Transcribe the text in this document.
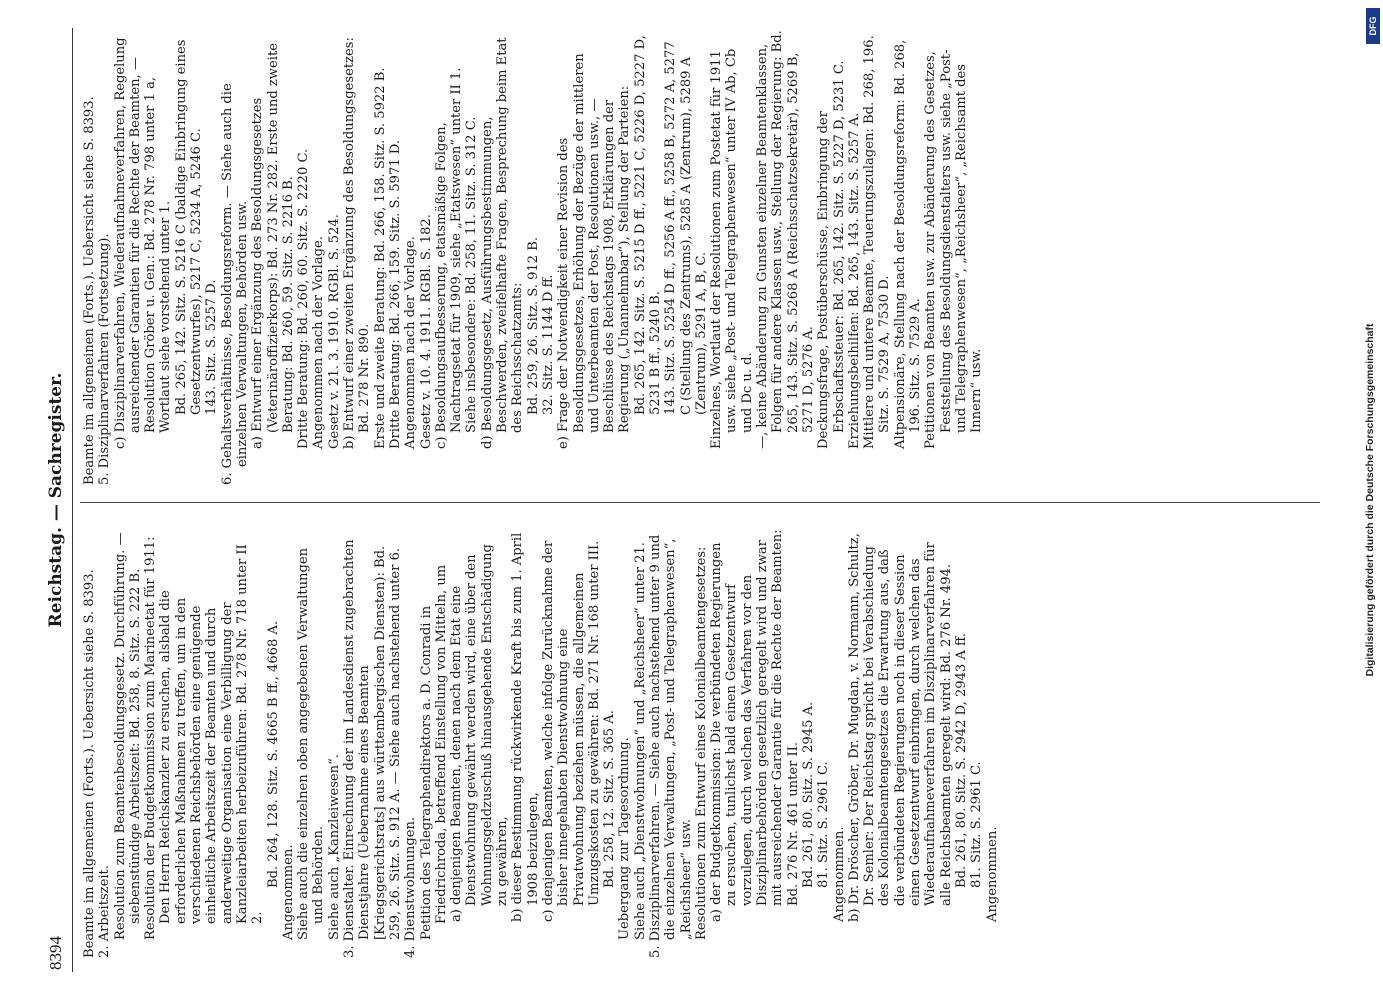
8394
Reichstag. — Sachregister.

Beamte im allgemeinen (Forts.). Uebersicht siehe S. 8393. 2. Arbeitszeit. Resolution zum Beamtenbesoldungsgesetz. Durchführung. — siebenstündige Arbeitszeit: Bd. 258, 8. Sitz. S. 222 B. Resolution der Budgetkommission zum Marineetat für 1911: Den Herrn Reichskanzler zu ersuchen, alsbald die erforderlichen Maßnahmen zu treffen, um in den verschiedenen Reichsbehörden eine genügende einheitliche Arbeitszeit der Beamten und durch anderweitige Organisation eine Verbilligung der Kanzleiarbeiten herbeizuführen: Bd. 278 Nr. 718 unter II 2.

Bd. 264, 128. Sitz. S. 4665 B ff., 4668 A.

Angenommen. Siehe auch die einzelnen oben angegebenen Verwaltungen und Behörden. Siehe auch „Kanzleiwesen“. 3. Dienstalter. Einrechnung der im Landesdienst zugebrachten Dienstjahre (Uebernahme eines Beamten [Kriegsgerichtsrats] aus württembergischen Diensten): Bd. 259, 26. Sitz. S. 912 A. — Siehe auch nachstehend unter 6. 4. Dienstwohnungen. Petition des Telegraphendirektors a. D. Conradi in Friedrichroda, betreffend Einstellung von Mitteln, um a) denjenigen Beamten, denen nach dem Etat eine Dienstwohnung gewährt werden wird, eine über den Wohnungsgeldzuschuß hinausgehende Entschädigung zu gewähren, b) dieser Bestimmung rückwirkende Kraft bis zum 1. April 1908 beizulegen, c) denjenigen Beamten, welche infolge Zurücknahme der bisher innegehabten Dienstwohnung eine Privatwohnung beziehen müssen, die allgemeinen Umzugskosten zu gewähren: Bd. 271 Nr. 168 unter III. Bd. 258, 12. Sitz. S. 365 A. Uebergang zur Tagesordnung. Siehe auch „Dienstwohnungen“ und „Reichsheer“ unter 21. 5. Disziplinarverfahren. — Siehe auch nachstehend unter 9 und die einzelnen Verwaltungen, „Post- und Telegraphenwesen“, „Reichsheer“ usw. Resolutionen zum Entwurf eines Kolonialbeamtengesetzes: a) der Budgetkommission: Die verbündeten Regierungen zu ersuchen, tunlichst bald einen Gesetzentwurf vorzulegen, durch welchen das Verfahren vor den Disziplinarbehörden gesetzlich geregelt wird und zwar mit ausreichender Garantie für die Rechte der Beamten: Bd. 276 Nr. 461 unter II. Bd. 261, 80. Sitz. S. 2945 A. 81. Sitz. S. 2961 C. Angenommen. b) Dr. Dröscher, Gröber, Dr. Mugdan, v. Normann, Schultz, Dr. Semler: Der Reichstag spricht bei Verabschiedung des Kolonialbeamtengesetzes die Erwartung aus, daß die verbündeten Regierungen noch in dieser Session einen Gesetzentwurf einbringen, durch welchen das Wiederaufnahmeverfahren im Disziplinarverfahren für alle Reichsbeamten geregelt wird: Bd. 276 Nr. 494. Bd. 261, 80. Sitz. S. 2942 D, 2943 A ff. 81. Sitz. S. 2961 C. Angenommen.

Beamte im allgemeinen (Forts.). Uebersicht siehe S. 8393. 5. Disziplinarverfahren (Fortsetzung). c) Disziplinarverfahren, Wiederaufnahmeverfahren, Regelung ausreichender Garantien für die Rechte der Beamten, — Resolution Gröber u. Gen.: Bd. 278 Nr. 798 unter 1 a, Wortlaut siehe vorstehend unter 1. Bd. 265, 142. Sitz. S. 5216 C (baldige Einbringung eines Gesetzentwurfes), 5217 C, 5234 A, 5246 C. 143. Sitz. S. 5257 D. 6. Gehaltsverhältnisse, Besoldungsreform. — Siehe auch die einzelnen Verwaltungen, Behörden usw. a) Entwurf einer Ergänzung des Besoldungsgesetzes (Veterinäroffizierkorps): Bd. 273 Nr. 282. Erste und zweite Beratung: Bd. 260, 59. Sitz. S. 2216 B. Dritte Beratung: Bd. 260, 60. Sitz. S. 2220 C. Angenommen nach der Vorlage. Gesetz v. 21. 3. 1910. RGBl. S. 524. b) Entwurf einer zweiten Ergänzung des Besoldungsgesetzes: Bd. 278 Nr. 890. Erste und zweite Beratung: Bd. 266, 158. Sitz. S. 5922 B. Dritte Beratung: Bd. 266, 159. Sitz. S. 5971 D. Angenommen nach der Vorlage. Gesetz v. 10. 4. 1911. RGBl. S. 182. c) Besoldungsaufbesserung, etatsmäßige Folgen, Nachtragsetat für 1909, siehe „Etatswesen“ unter II 1. Siehe insbesondere: Bd. 258, 11. Sitz. S. 312 C. d) Besoldungsgesetz, Ausführungsbestimmungen, Beschwerden, zweifelhafte Fragen, Besprechung beim Etat des Reichsschatzamts: Bd. 259, 26. Sitz. S. 912 B. 32. Sitz. S. 1144 D ff. e) Frage der Notwendigkeit einer Revision des Besoldungsgesetzes, Erhöhung der Bezüge der mittleren und Unterbeamten der Post, Resolutionen usw., — Beschlüsse des Reichstags 1908, Erklärungen der Regierung („Unannehmbar“), Stellung der Parteien: Bd. 265, 142. Sitz. S. 5215 D ff., 5221 C, 5226 D, 5227 D, 5231 B ff., 5240 B. 143. Sitz. S. 5254 D ff., 5256 A ff., 5258 B, 5272 A, 5277 C (Stellung des Zentrums), 5285 A (Zentrum), 5289 A (Zentrum), 5291 A, B, C. Einzelnes, Wortlaut der Resolutionen zum Postetat für 1911 usw. siehe „Post- und Telegraphenwesen“ unter IV Ab, Cb und Dc u. d. —, keine Abänderung zu Gunsten einzelner Beamtenklassen, Folgen für andere Klassen usw., Stellung der Regierung: Bd. 265, 143. Sitz. S. 5268 A (Reichsschatzsekretär), 5269 B, 5271 D, 5276 A. Deckungsfrage, Postüberschüsse, Einbringung der Erbschaftssteuer: Bd. 265, 142. Sitz. S. 5227 D, 5231 C. Erziehungsbeihilfen: Bd. 265, 143. Sitz. S. 5257 A. Mittlere und untere Beamte, Teuerungszulagen: Bd. 268, 196. Sitz. S. 7529 A, 7530 D. Altpensionäre, Stellung nach der Besoldungsreform: Bd. 268, 196. Sitz. S. 7529 A. Petitionen von Beamten usw. zur Abänderung des Gesetzes, Feststellung des Besoldungsdienstalters usw. siehe „Post- und Telegraphenwesen“, „Reichsheer“, „Reichsamt des Innern“ usw.	Digitalisierung gefördert durch die Deutsche Forschungsgemeinschaft
DFG
